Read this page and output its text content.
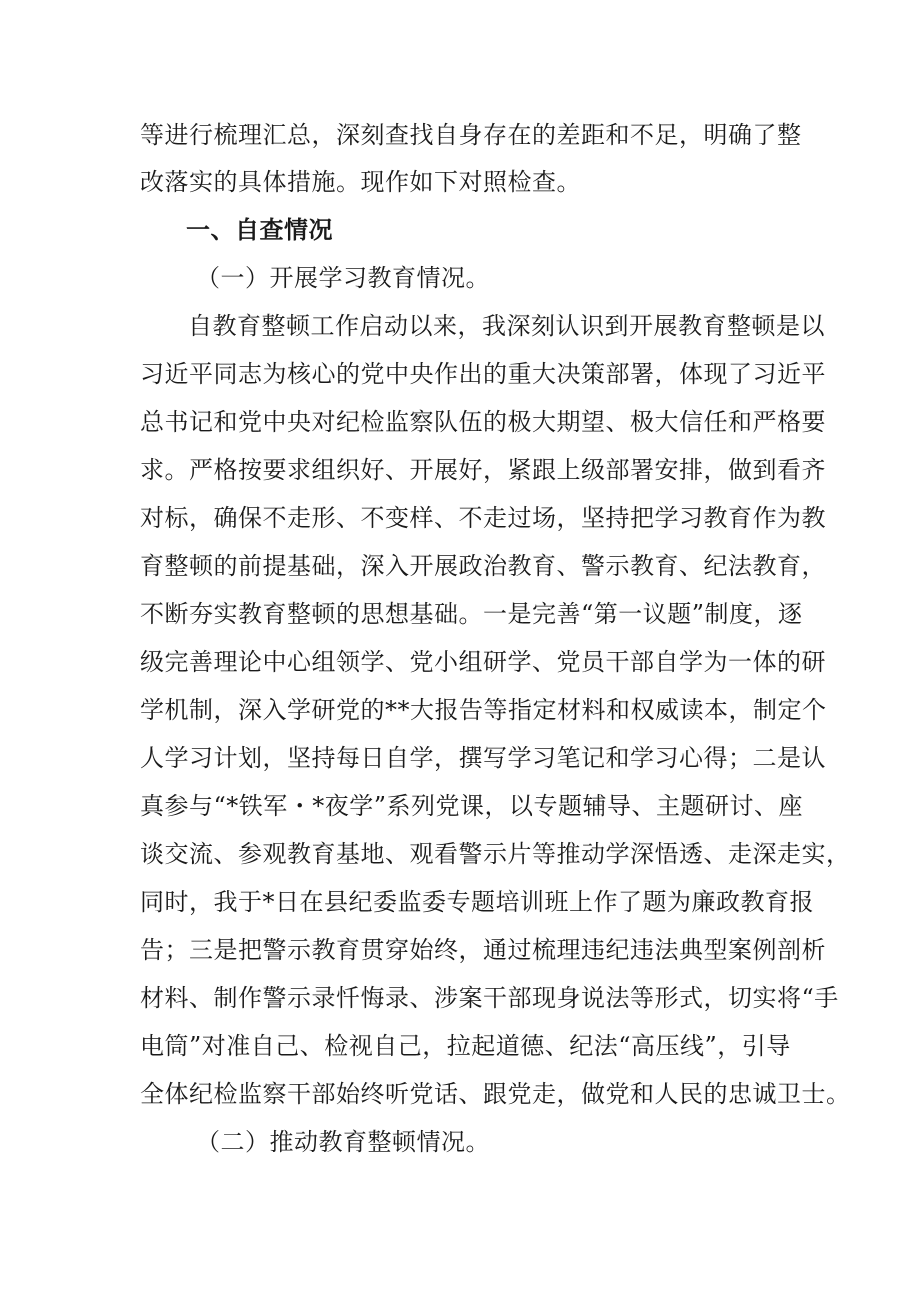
等进行梳理汇总，深刻查找自身存在的差距和不足，明确了整
改落实的具体措施。现作如下对照检查。
一、自查情况
（一）开展学习教育情况。
自教育整顿工作启动以来，我深刻认识到开展教育整顿是以
习近平同志为核心的党中央作出的重大决策部署，体现了习近平
总书记和党中央对纪检监察队伍的极大期望、极大信任和严格要
求。严格按要求组织好、开展好，紧跟上级部署安排，做到看齐
对标，确保不走形、不变样、不走过场，坚持把学习教育作为教
育整顿的前提基础，深入开展政治教育、警示教育、纪法教育，
不断夯实教育整顿的思想基础。一是完善“第一议题”制度，逐
级完善理论中心组领学、党小组研学、党员干部自学为一体的研
学机制，深入学研党的**大报告等指定材料和权威读本，制定个
人学习计划，坚持每日自学，撰写学习笔记和学习心得；二是认
真参与“*铁军・*夜学”系列党课，以专题辅导、主题研讨、座
谈交流、参观教育基地、观看警示片等推动学深悟透、走深走实，
同时，我于*日在县纪委监委专题培训班上作了题为廉政教育报
告；三是把警示教育贯穿始终，通过梳理违纪违法典型案例剖析
材料、制作警示录忏悔录、涉案干部现身说法等形式，切实将“手
电筒”对准自己、检视自己，拉起道德、纪法“高压线”，引导
全体纪检监察干部始终听党话、跟党走，做党和人民的忠诚卫士。
（二）推动教育整顿情况。
